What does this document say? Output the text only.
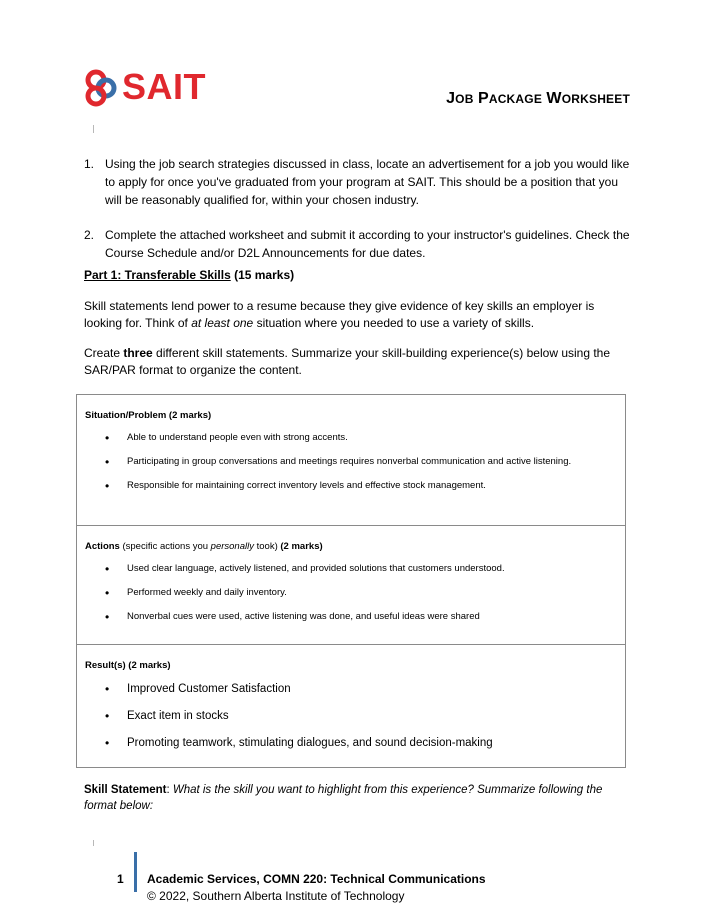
SAIT	JOB PACKAGE WORKSHEET
1. Using the job search strategies discussed in class, locate an advertisement for a job you would like to apply for once you've graduated from your program at SAIT. This should be a position that you will be reasonably qualified for, within your chosen industry.
2. Complete the attached worksheet and submit it according to your instructor's guidelines. Check the Course Schedule and/or D2L Announcements for due dates.

Part 1: Transferable Skills (15 marks)

Skill statements lend power to a resume because they give evidence of key skills an employer is looking for. Think of at least one situation where you needed to use a variety of skills.

Create three different skill statements. Summarize your skill-building experience(s) below using the SAR/PAR format to organize the content.

Situation/Problem (2 marks)
• Able to understand people even with strong accents.
• Participating in group conversations and meetings requires nonverbal communication and active listening.
• Responsible for maintaining correct inventory levels and effective stock management.
Actions (specific actions you personally took) (2 marks)
• Used clear language, actively listened, and provided solutions that customers understood.
• Performed weekly and daily inventory.
• Nonverbal cues were used, active listening was done, and useful ideas were shared
Result(s) (2 marks)
• Improved Customer Satisfaction
• Exact item in stocks
• Promoting teamwork, stimulating dialogues, and sound decision-making

Skill Statement: What is the skill you want to highlight from this experience? Summarize following the format below:

1 Academic Services, COMN 220: Technical Communications
© 2022, Southern Alberta Institute of Technology
